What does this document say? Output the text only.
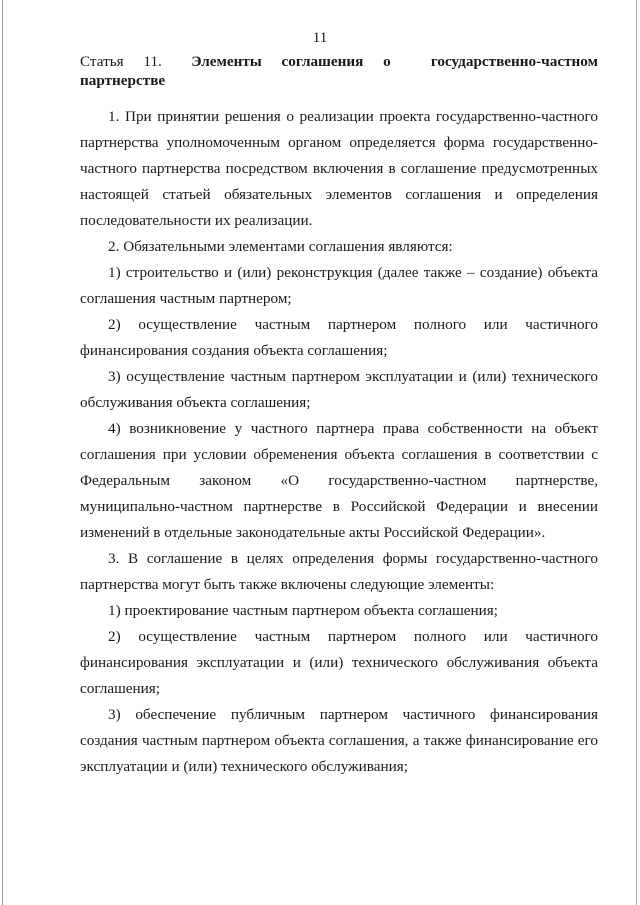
11
Статья 11.	Элементы соглашения о	государственно-частном
партнерстве

1. При принятии решения о реализации проекта государственно-частного партнерства уполномоченным органом определяется форма государственно-частного партнерства посредством включения в соглашение предусмотренных настоящей статьей обязательных элементов соглашения и определения последовательности их реализации.

2. Обязательными элементами соглашения являются:

1) строительство и (или) реконструкция (далее также – создание) объекта соглашения частным партнером;

2) осуществление частным партнером полного или частичного финансирования создания объекта соглашения;

3) осуществление частным партнером эксплуатации и (или) технического обслуживания объекта соглашения;

4) возникновение у частного партнера права собственности на объект соглашения при условии обременения объекта соглашения в соответствии с Федеральным законом «О государственно-частном партнерстве, муниципально-частном партнерстве в Российской Федерации и внесении изменений в отдельные законодательные акты Российской Федерации».

3. В соглашение в целях определения формы государственно-частного партнерства могут быть также включены следующие элементы:

1) проектирование частным партнером объекта соглашения;

2) осуществление частным партнером полного или частичного финансирования эксплуатации и (или) технического обслуживания объекта соглашения;

3) обеспечение публичным партнером частичного финансирования создания частным партнером объекта соглашения, а также финансирование его эксплуатации и (или) технического обслуживания;
